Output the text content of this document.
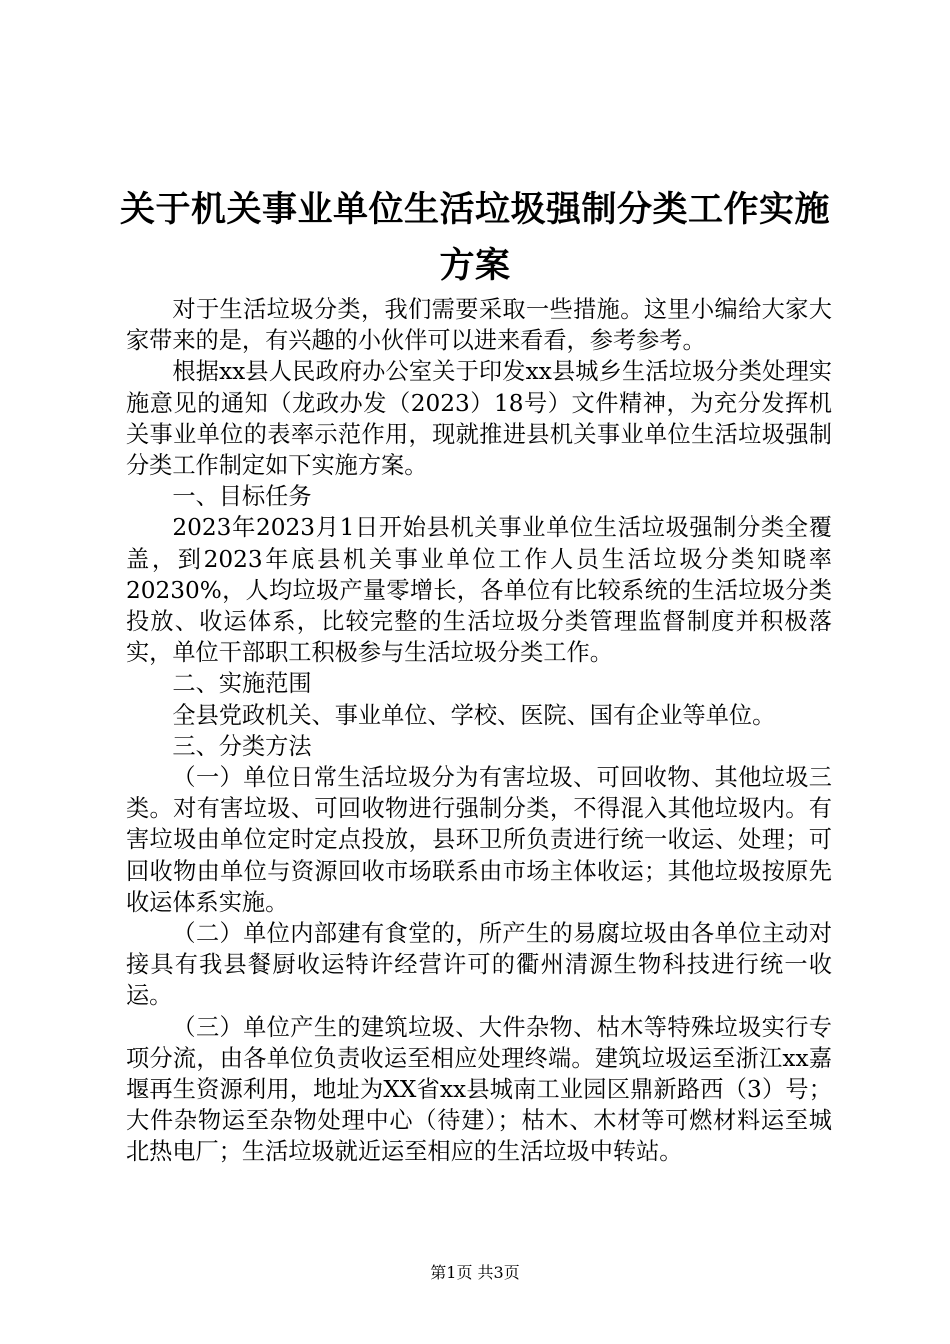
关于机关事业单位生活垃圾强制分类工作实施
方案

对于生活垃圾分类，我们需要采取一些措施。这里小编给大家大家带来的是，有兴趣的小伙伴可以进来看看，参考参考。

根据xx县人民政府办公室关于印发xx县城乡生活垃圾分类处理实施意见的通知（龙政办发（2023）18号）文件精神，为充分发挥机关事业单位的表率示范作用，现就推进县机关事业单位生活垃圾强制分类工作制定如下实施方案。

一、目标任务

2023年2023月1日开始县机关事业单位生活垃圾强制分类全覆盖，到2023年底县机关事业单位工作人员生活垃圾分类知晓率20230%，人均垃圾产量零增长，各单位有比较系统的生活垃圾分类投放、收运体系，比较完整的生活垃圾分类管理监督制度并积极落实，单位干部职工积极参与生活垃圾分类工作。

二、实施范围

全县党政机关、事业单位、学校、医院、国有企业等单位。

三、分类方法

（一）单位日常生活垃圾分为有害垃圾、可回收物、其他垃圾三类。对有害垃圾、可回收物进行强制分类，不得混入其他垃圾内。有害垃圾由单位定时定点投放，县环卫所负责进行统一收运、处理；可回收物由单位与资源回收市场联系由市场主体收运；其他垃圾按原先收运体系实施。

（二）单位内部建有食堂的，所产生的易腐垃圾由各单位主动对接具有我县餐厨收运特许经营许可的衢州清源生物科技进行统一收运。

（三）单位产生的建筑垃圾、大件杂物、枯木等特殊垃圾实行专项分流，由各单位负责收运至相应处理终端。建筑垃圾运至浙江xx嘉堰再生资源利用，地址为XX省xx县城南工业园区鼎新路西（3）号；大件杂物运至杂物处理中心（待建）；枯木、木材等可燃材料运至城北热电厂；生活垃圾就近运至相应的生活垃圾中转站。

第1页 共3页
